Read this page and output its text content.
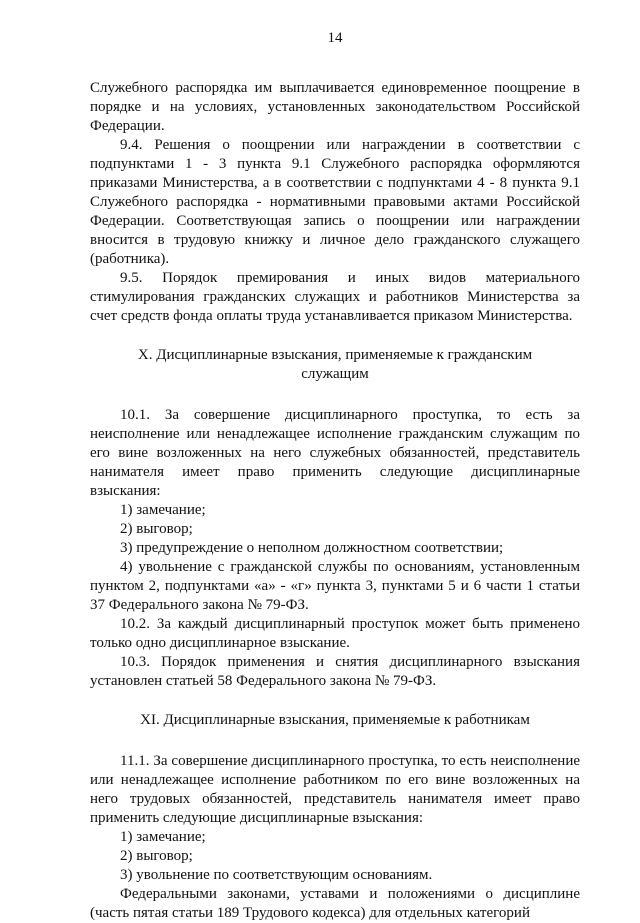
14

Служебного распорядка им выплачивается единовременное поощрение в порядке и на условиях, установленных законодательством Российской Федерации.

9.4. Решения о поощрении или награждении в соответствии с подпунктами 1 - 3 пункта 9.1 Служебного распорядка оформляются приказами Министерства, а в соответствии с подпунктами 4 - 8 пункта 9.1 Служебного распорядка - нормативными правовыми актами Российской Федерации. Соответствующая запись о поощрении или награждении вносится в трудовую книжку и личное дело гражданского служащего (работника).

9.5. Порядок премирования и иных видов материального стимулирования гражданских служащих и работников Министерства за счет средств фонда оплаты труда устанавливается приказом Министерства.

X. Дисциплинарные взыскания, применяемые к гражданским

служащим

10.1. За совершение дисциплинарного проступка, то есть за неисполнение или ненадлежащее исполнение гражданским служащим по его вине возложенных на него служебных обязанностей, представитель нанимателя имеет право применить следующие дисциплинарные взыскания:

1) замечание;

2) выговор;

3) предупреждение о неполном должностном соответствии;

4) увольнение с гражданской службы по основаниям, установленным пунктом 2, подпунктами «а» - «г» пункта 3, пунктами 5 и 6 части 1 статьи 37 Федерального закона № 79-ФЗ.

10.2. За каждый дисциплинарный проступок может быть применено только одно дисциплинарное взыскание.

10.3. Порядок применения и снятия дисциплинарного взыскания установлен статьей 58 Федерального закона № 79-ФЗ.

XI. Дисциплинарные взыскания, применяемые к работникам

11.1. За совершение дисциплинарного проступка, то есть неисполнение или ненадлежащее исполнение работником по его вине возложенных на него трудовых обязанностей, представитель нанимателя имеет право применить следующие дисциплинарные взыскания:

1) замечание;

2) выговор;

3) увольнение по соответствующим основаниям.

Федеральными законами, уставами и положениями о дисциплине (часть пятая статьи 189 Трудового кодекса) для отдельных категорий
